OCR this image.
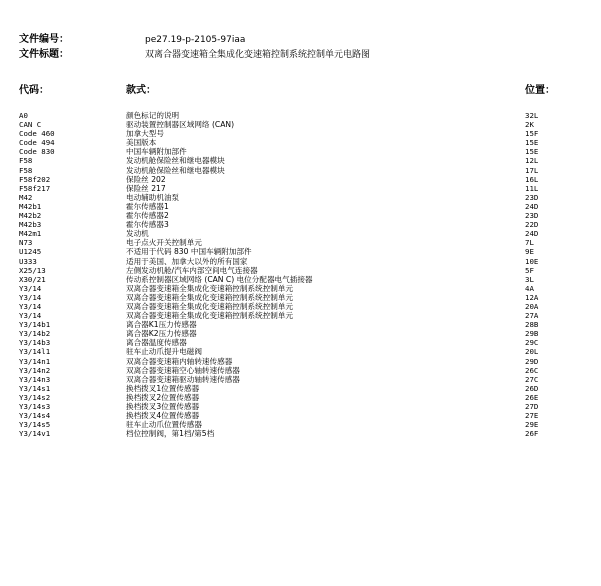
文件编号：	pe27.19-p-2105-97iaa
文件标题：	双离合器变速箱全集成化变速箱控制系统控制单元电路图
代码：	款式：	位置：
A0	颜色标记的说明	32L
CAN C	驱动装置控制器区域网络 (CAN)	2K
Code 460	加拿大型号	15F
Code 494	美国版本	15E
Code 830	中国车辆附加部件	15E
F58	发动机舱保险丝和继电器模块	12L
F58	发动机舱保险丝和继电器模块	17L
F58f202	保险丝 202	16L
F58f217	保险丝 217	11L
M42	电动辅助机油泵	23D
M42b1	霍尔传感器1	24D
M42b2	霍尔传感器2	23D
M42b3	霍尔传感器3	22D
M42m1	发动机	24D
N73	电子点火开关控制单元	7L
U1245	不适用于代码 830 中国车辆附加部件	9E
U333	适用于美国、加拿大以外的所有国家	10E
X25/13	左侧发动机舱/汽车内部空间电气连接器	5F
X30/21	传动系控制器区域网络 (CAN C) 电位分配器电气插接器	3L
Y3/14	双离合器变速箱全集成化变速箱控制系统控制单元	4A
Y3/14	双离合器变速箱全集成化变速箱控制系统控制单元	12A
Y3/14	双离合器变速箱全集成化变速箱控制系统控制单元	20A
Y3/14	双离合器变速箱全集成化变速箱控制系统控制单元	27A
Y3/14b1	离合器K1压力传感器	28B
Y3/14b2	离合器K2压力传感器	29B
Y3/14b3	离合器温度传感器	29C
Y3/14l1	驻车止动爪提升电磁阀	20L
Y3/14n1	双离合器变速箱内轴转速传感器	29D
Y3/14n2	双离合器变速箱空心轴转速传感器	26C
Y3/14n3	双离合器变速箱驱动轴转速传感器	27C
Y3/14s1	换档拨叉1位置传感器	26D
Y3/14s2	换档拨叉2位置传感器	26E
Y3/14s3	换档拨叉3位置传感器	27D
Y3/14s4	换档拨叉4位置传感器	27E
Y3/14s5	驻车止动爪位置传感器	29E
Y3/14v1	档位控制阀，第1档/第5档	26F
